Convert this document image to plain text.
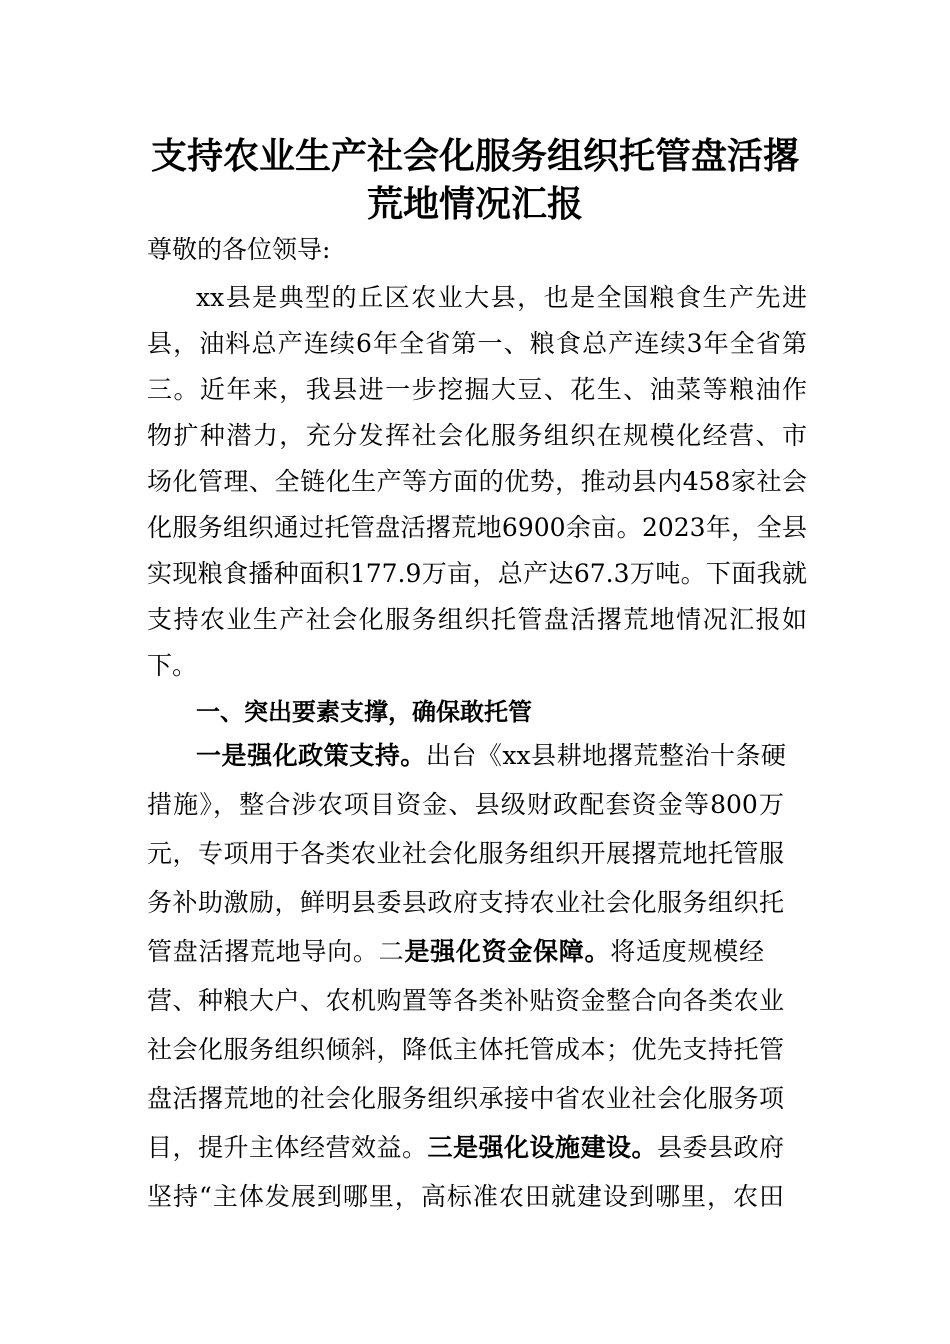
支持农业生产社会化服务组织托管盘活撂
荒地情况汇报
尊敬的各位领导:
xx县是典型的丘区农业大县，也是全国粮食生产先进
县，油料总产连续6年全省第一、粮食总产连续3年全省第
三。近年来，我县进一步挖掘大豆、花生、油菜等粮油作
物扩种潜力，充分发挥社会化服务组织在规模化经营、市
场化管理、全链化生产等方面的优势，推动县内458家社会
化服务组织通过托管盘活撂荒地6900余亩。2023年，全县
实现粮食播种面积177.9万亩，总产达67.3万吨。下面我就
支持农业生产社会化服务组织托管盘活撂荒地情况汇报如
下。
一、突出要素支撑，确保敢托管
一是强化政策支持。出台《xx县耕地撂荒整治十条硬
措施》，整合涉农项目资金、县级财政配套资金等800万
元，专项用于各类农业社会化服务组织开展撂荒地托管服
务补助激励，鲜明县委县政府支持农业社会化服务组织托
管盘活撂荒地导向。二是强化资金保障。将适度规模经
营、种粮大户、农机购置等各类补贴资金整合向各类农业
社会化服务组织倾斜，降低主体托管成本；优先支持托管
盘活撂荒地的社会化服务组织承接中省农业社会化服务项
目，提升主体经营效益。三是强化设施建设。县委县政府
坚持“主体发展到哪里，高标准农田就建设到哪里，农田
